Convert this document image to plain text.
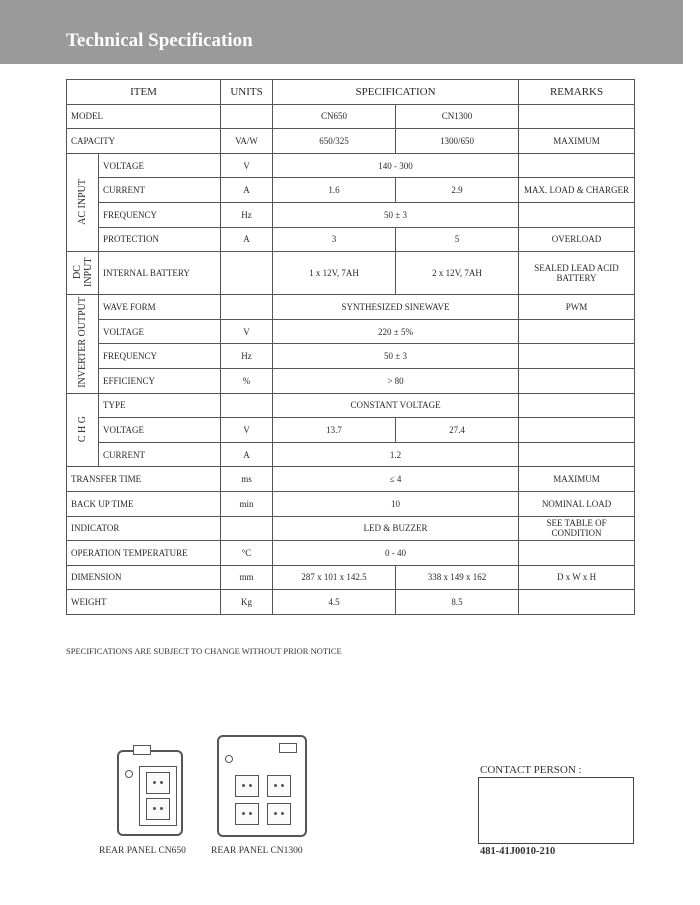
Technical Specification
ITEM		UNITS	SPECIFICATION		REMARKS

MODEL			CN650	CN1300	
CAPACITY		VA/W	650/325	1300/650	MAXIMUM
AC INPUT	VOLTAGE	V	140 - 300		
	CURRENT	A	1.6	2.9	MAX. LOAD & CHARGER
	FREQUENCY	Hz	50 ± 3		
	PROTECTION	A	3	5	OVERLOAD
DC INPUT	INTERNAL BATTERY		1 x 12V, 7AH	2 x 12V, 7AH	SEALED LEAD ACID BATTERY
INVERTER OUTPUT	WAVE FORM		SYNTHESIZED SINEWAVE		PWM
	VOLTAGE	V	220 ± 5%		
	FREQUENCY	Hz	50 ± 3		
	EFFICIENCY	%	> 80		
C H G	TYPE		CONSTANT VOLTAGE		
	VOLTAGE	V	13.7	27.4	
	CURRENT	A	1.2		
TRANSFER TIME		ms	≤ 4		MAXIMUM
BACK UP TIME		min	10		NOMINAL LOAD
INDICATOR			LED & BUZZER		SEE TABLE OF CONDITION
OPERATION TEMPERATURE		°C	0 - 40		
DIMENSION		mm	287 x 101 x 142.5	338 x 149 x 162	D x W x H
WEIGHT		Kg	4.5	8.5	
SPECIFICATIONS ARE SUBJECT TO CHANGE WITHOUT PRIOR NOTICE
REAR PANEL CN650	REAR PANEL CN1300
CONTACT PERSON :
481-41J0010-210
